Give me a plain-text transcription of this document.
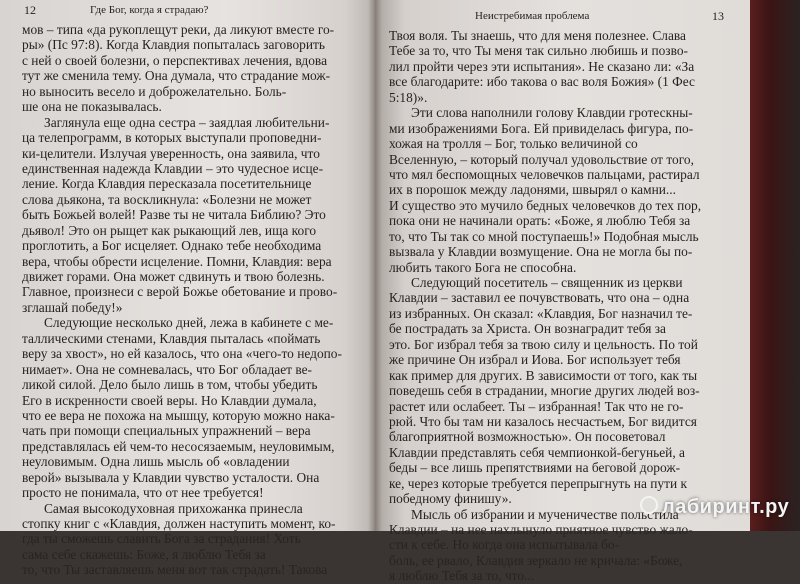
12	Где Бог, когда я страдаю?
мов – типа «да рукоплещут реки, да ликуют вместе го-
ры» (Пс 97:8). Когда Клавдия попыталась заговорить
с ней о своей болезни, о перспективах лечения, вдова
тут же сменила тему. Она думала, что страдание мож-
но выносить весело и доброжелательно. Боль-
ше она не показывалась.
Заглянула еще одна сестра – заядлая любительни-
ца телепрограмм, в которых выступали проповедни-
ки-целители. Излучая уверенность, она заявила, что
единственная надежда Клавдии – это чудесное исце-
ление. Когда Клавдия пересказала посетительнице
слова дьякона, та воскликнула: «Болезни не может
быть Божьей волей! Разве ты не читала Библию? Это
дьявол! Это он рыщет как рыкающий лев, ища кого
проглотить, а Бог исцеляет. Однако тебе необходима
вера, чтобы обрести исцеление. Помни, Клавдия: вера
движет горами. Она может сдвинуть и твою болезнь.
Главное, произнеси с верой Божье обетование и прово-
зглашай победу!»
Следующие несколько дней, лежа в кабинете с ме-
таллическими стенами, Клавдия пыталась «поймать
веру за хвост», но ей казалось, что она «чего-то недопо-
нимает». Она не сомневалась, что Бог обладает ве-
ликой силой. Дело было лишь в том, чтобы убедить
Его в искренности своей веры. Но Клавдии думала,
что ее вера не похожа на мышцу, которую можно нака-
чать при помощи специальных упражнений – вера
представлялась ей чем-то несосязаемым, неуловимым,
неуловимым. Одна лишь мысль об «овладении
верой» вызывала у Клавдии чувство усталости. Она
просто не понимала, что от нее требуется!
Самая высокодуховная прихожанка принесла
стопку книг с «Клавдия, должен наступить момент, ко-
гда ты сможешь славить Бога за страдания! Хоть
сама себе скажешь: Боже, я люблю Тебя за
то, что Ты заставляешь меня вот так страдать! Такова
Неистребимая проблема	13
Твоя воля. Ты знаешь, что для меня полезнее. Слава
Тебе за то, что Ты меня так сильно любишь и позво-
лил пройти через эти испытания». Не сказано ли: «За
все благодарите: ибо такова о вас воля Божия» (1 Фес
5:18)».
Эти слова наполнили голову Клавдии гротескны-
ми изображениями Бога. Ей привиделась фигура, по-
хожая на тролля – Бог, только величиной со
Вселенную, – который получал удовольствие от того,
что мял беспомощных человечков пальцами, растирал
их в порошок между ладонями, швырял о камни...
И существо это мучило бедных человечков до тех пор,
пока они не начинали орать: «Боже, я люблю Тебя за
то, что Ты так со мной поступаешь!» Подобная мысль
вызвала у Клавдии возмущение. Она не могла бы по-
любить такого Бога не способна.
Следующий посетитель – священник из церкви
Клавдии – заставил ее почувствовать, что она – одна
из избранных. Он сказал: «Клавдия, Бог назначил те-
бе пострадать за Христа. Он вознаградит тебя за
это. Бог избрал тебя за твою силу и цельность. По той
же причине Он избрал и Иова. Бог использует тебя
как пример для других. В зависимости от того, как ты
поведешь себя в страдании, многие других людей воз-
растет или ослабеет. Ты – избранная! Так что не го-
рюй. Что бы там ни казалось несчастьем, Бог видится
благоприятной возможностью». Он посоветовал
Клавдии представлять себя чемпионкой-бегуньей, а
беды – все лишь препятствиями на беговой дорож-
ке, через которые требуется перепрыгнуть на пути к
победному финишу».
Мысль об избрании и мученичестве польстила
Клавдии – на нее нахлынуло приятное чувство жало-
сти к себе. Но когда она испытывала бо-
боль, ее рвало, Клавдия зеркало не кричала: «Боже,
я люблю Тебя за то, что...
лабиринт.ру
